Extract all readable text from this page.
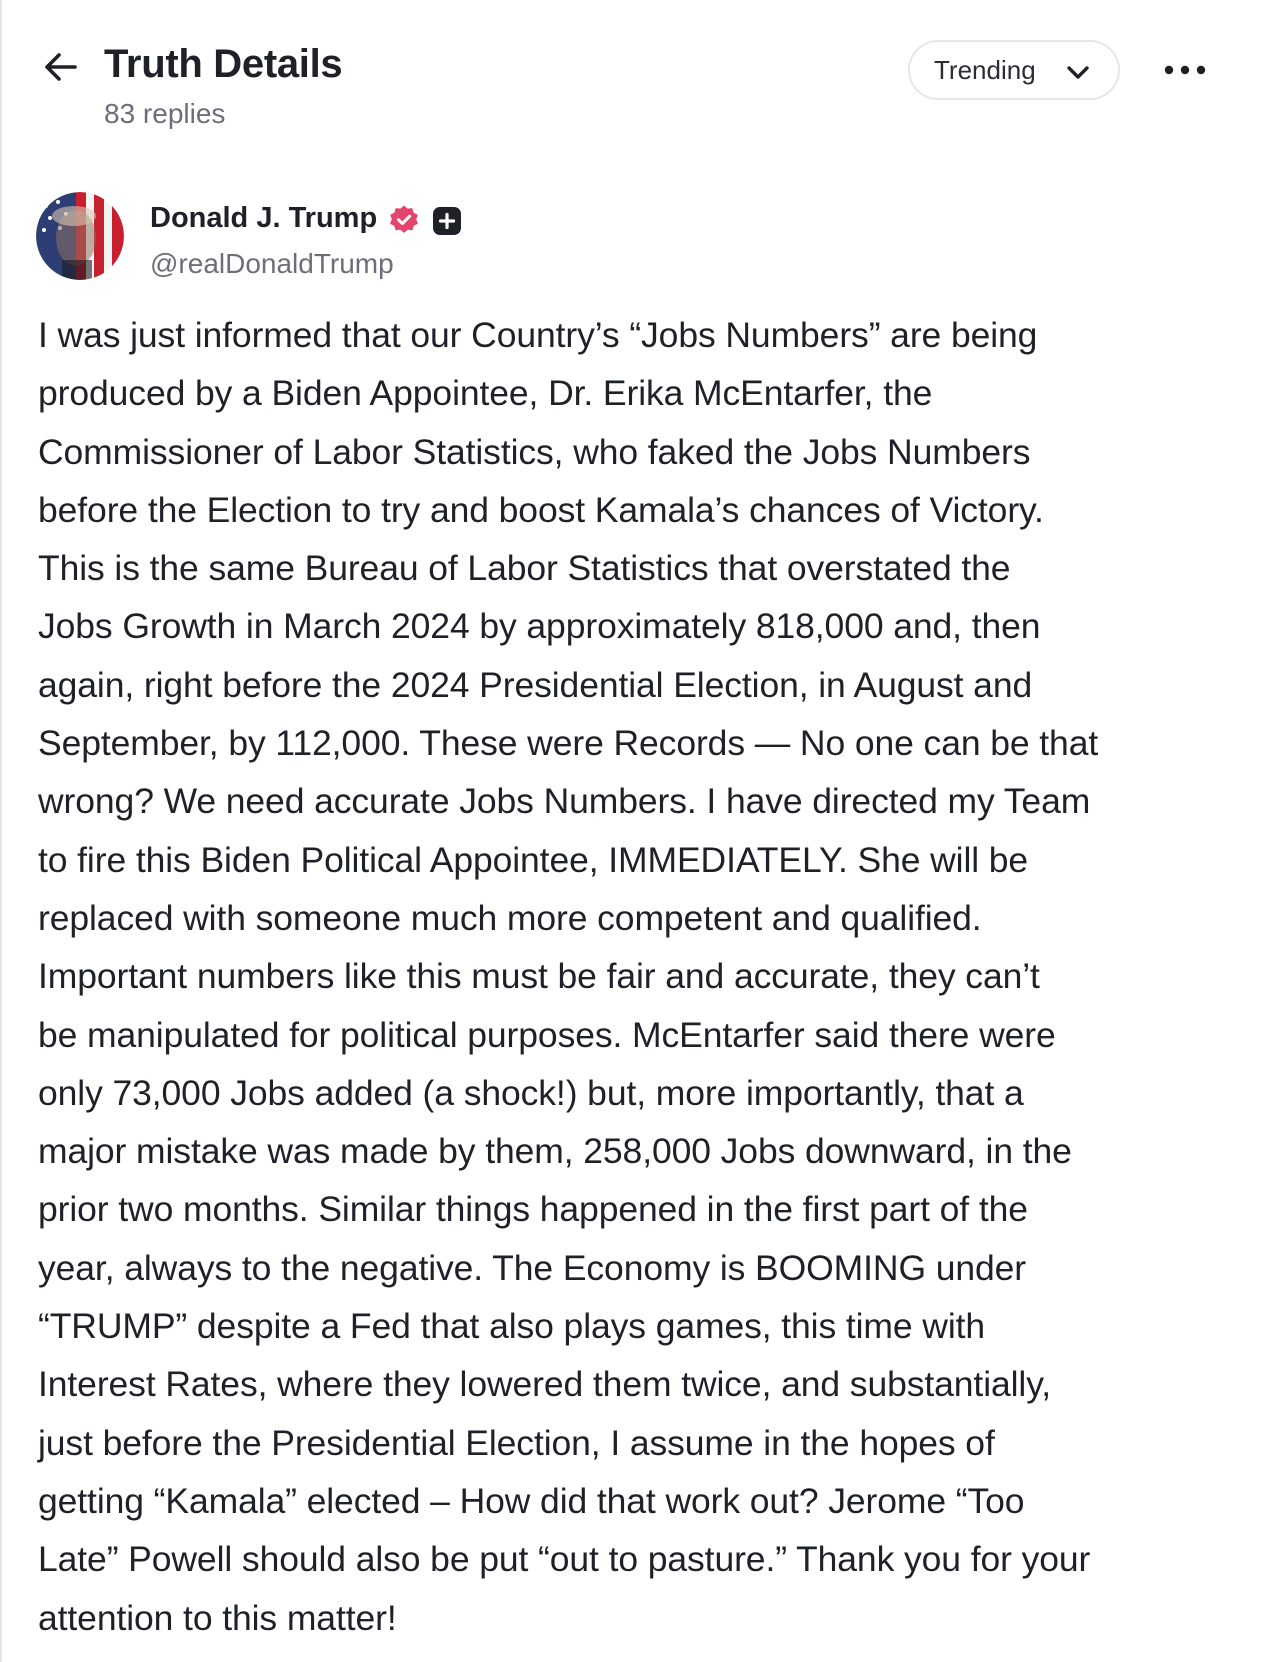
Truth Details
83 replies
Trending
Donald J. Trump
@realDonaldTrump
I was just informed that our Country’s “Jobs Numbers” are being
produced by a Biden Appointee, Dr. Erika McEntarfer, the
Commissioner of Labor Statistics, who faked the Jobs Numbers
before the Election to try and boost Kamala’s chances of Victory.
This is the same Bureau of Labor Statistics that overstated the
Jobs Growth in March 2024 by approximately 818,000 and, then
again, right before the 2024 Presidential Election, in August and
September, by 112,000. These were Records — No one can be that
wrong? We need accurate Jobs Numbers. I have directed my Team
to fire this Biden Political Appointee, IMMEDIATELY. She will be
replaced with someone much more competent and qualified.
Important numbers like this must be fair and accurate, they can’t
be manipulated for political purposes. McEntarfer said there were
only 73,000 Jobs added (a shock!) but, more importantly, that a
major mistake was made by them, 258,000 Jobs downward, in the
prior two months. Similar things happened in the first part of the
year, always to the negative. The Economy is BOOMING under
“TRUMP” despite a Fed that also plays games, this time with
Interest Rates, where they lowered them twice, and substantially,
just before the Presidential Election, I assume in the hopes of
getting “Kamala” elected – How did that work out? Jerome “Too
Late” Powell should also be put “out to pasture.” Thank you for your
attention to this matter!
